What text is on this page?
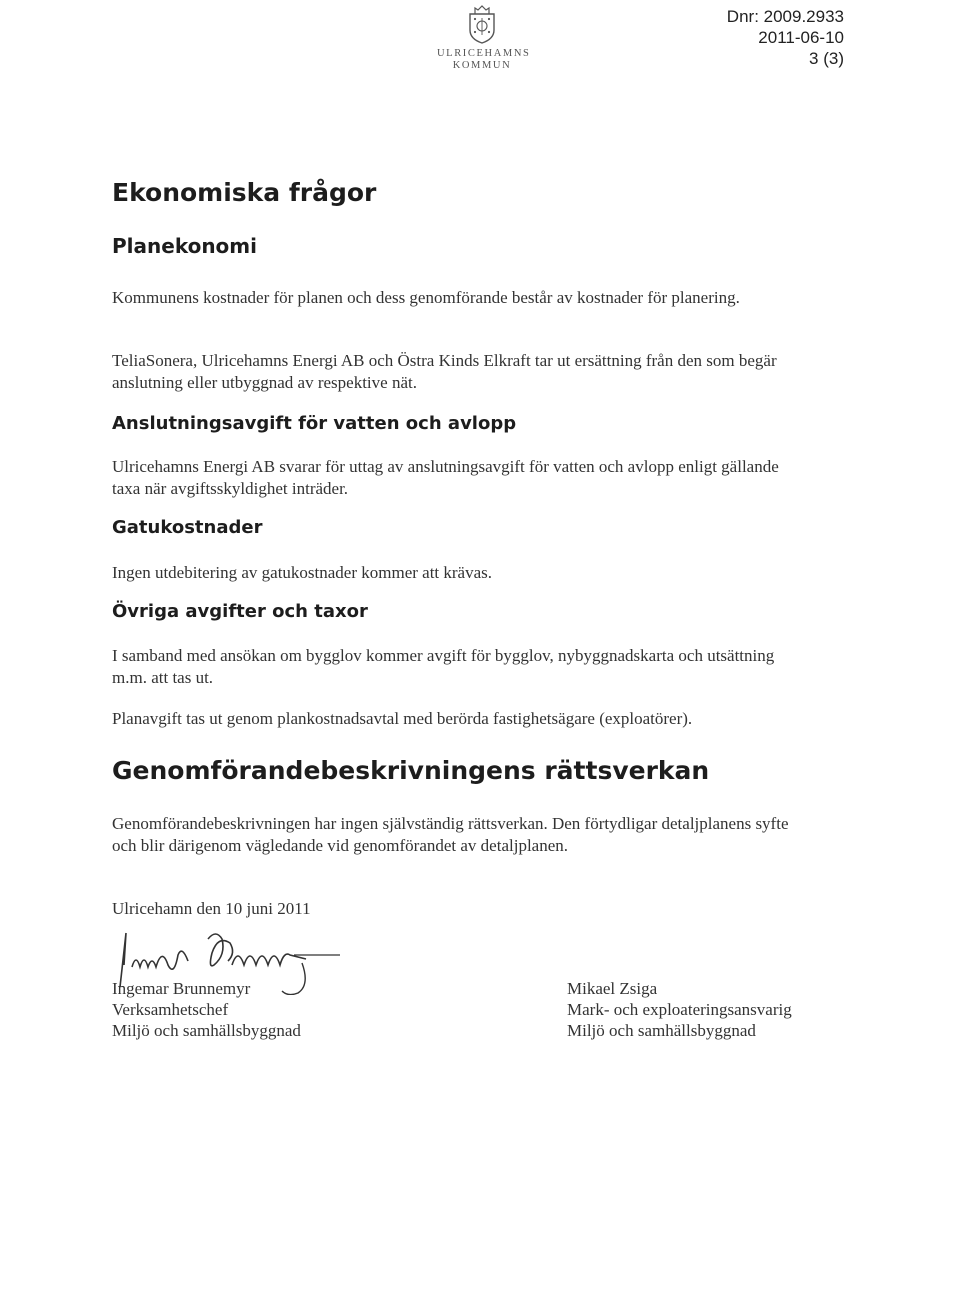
ULRICEHAMNS
KOMMUN
Dnr: 2009.2933
2011-06-10
3 (3)
Ekonomiska frågor
Planekonomi

Kommunens kostnader för planen och dess genomförande består av kostnader för planering.

TeliaSonera, Ulricehamns Energi AB och Östra Kinds Elkraft tar ut ersättning från den som begär anslutning eller utbyggnad av respektive nät.

Anslutningsavgift för vatten och avlopp

Ulricehamns Energi AB svarar för uttag av anslutningsavgift för vatten och avlopp enligt gällande taxa när avgiftsskyldighet inträder.

Gatukostnader

Ingen utdebitering av gatukostnader kommer att krävas.

Övriga avgifter och taxor

I samband med ansökan om bygglov kommer avgift för bygglov, nybyggnadskarta och utsättning m.m. att tas ut.

Planavgift tas ut genom plankostnadsavtal med berörda fastighetsägare (exploatörer).

Genomförandebeskrivningens rättsverkan

Genomförandebeskrivningen har ingen självständig rättsverkan. Den förtydligar detaljplanens syfte och blir därigenom vägledande vid genomförandet av detaljplanen.

Ulricehamn den 10 juni 2011

Ingemar Brunnemyr
Verksamhetschef
Miljö och samhällsbyggnad
Mikael Zsiga
Mark- och exploateringsansvarig
Miljö och samhällsbyggnad
